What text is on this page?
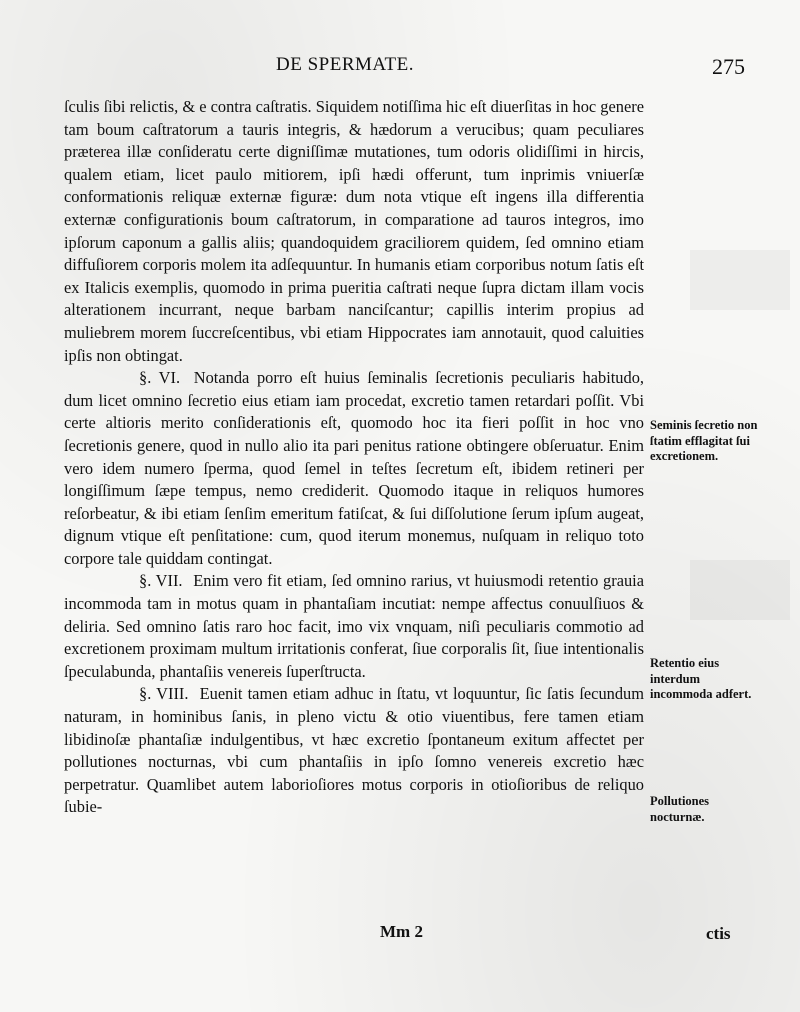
DE SPERMATE.	275

ſculis ſibi relictis, & e contra caſtratis. Siquidem notiſſima hic eſt diuerſitas in hoc genere tam boum caſtratorum a tauris integris, & hædorum a verucibus; quam peculiares præterea illæ conſideratu certe digniſſimæ mutationes, tum odoris olidiſſimi in hircis, qualem etiam, licet paulo mitiorem, ipſi hædi offerunt, tum inprimis vniuerſæ conformationis reliquæ externæ figuræ: dum nota vtique eſt ingens illa differentia externæ configurationis boum caſtratorum, in comparatione ad tauros integros, imo ipſorum caponum a gallis aliis; quandoquidem graciliorem quidem, ſed omnino etiam diffuſiorem corporis molem ita adſequuntur. In humanis etiam corporibus notum ſatis eſt ex Italicis exemplis, quomodo in prima pueritia caſtrati neque ſupra dictam illam vocis alterationem incurrant, neque barbam nanciſcantur; capillis interim propius ad muliebrem morem ſuccreſcentibus, vbi etiam Hippocrates iam annotauit, quod caluities ipſis non obtingat.

§. VI. Notanda porro eſt huius ſeminalis ſecretionis peculiaris habitudo, dum licet omnino ſecretio eius etiam iam procedat, excretio tamen retardari poſſit. Vbi certe altioris merito conſiderationis eſt, quomodo hoc ita fieri poſſit in hoc vno ſecretionis genere, quod in nullo alio ita pari penitus ratione obtingere obſeruatur. Enim vero idem numero ſperma, quod ſemel in teſtes ſecretum eſt, ibidem retineri per longiſſimum ſæpe tempus, nemo crediderit. Quomodo itaque in reliquos humores reſorbeatur, & ibi etiam ſenſim emeritum fatiſcat, & ſui diſſolutione ſerum ipſum augeat, dignum vtique eſt penſitatione: cum, quod iterum monemus, nuſquam in reliquo toto corpore tale quiddam contingat.

§. VII. Enim vero fit etiam, ſed omnino rarius, vt huiusmodi retentio grauia incommoda tam in motus quam in phantaſiam incutiat: nempe affectus conuulſiuos & deliria. Sed omnino ſatis raro hoc facit, imo vix vnquam, niſi peculiaris commotio ad excretionem proximam multum irritationis conferat, ſiue corporalis ſit, ſiue intentionalis ſpeculabunda, phantaſiis venereis ſuperſtructa.

§. VIII. Euenit tamen etiam adhuc in ſtatu, vt loquuntur, ſic ſatis ſecundum naturam, in hominibus ſanis, in pleno victu & otio viuentibus, fere tamen etiam libidinoſæ phantaſiæ indulgentibus, vt hæc excretio ſpontaneum exitum affectet per pollutiones nocturnas, vbi cum phantaſiis in ipſo ſomno venereis excretio hæc perpetratur. Quamlibet autem laborioſiores motus corporis in otioſioribus de reliquo ſubie-

Seminis ſecretio non ſtatim efflagitat ſui excretionem.
Retentio eius interdum incommoda adfert.
Pollutiones nocturnæ.
Mm 2	ctis
